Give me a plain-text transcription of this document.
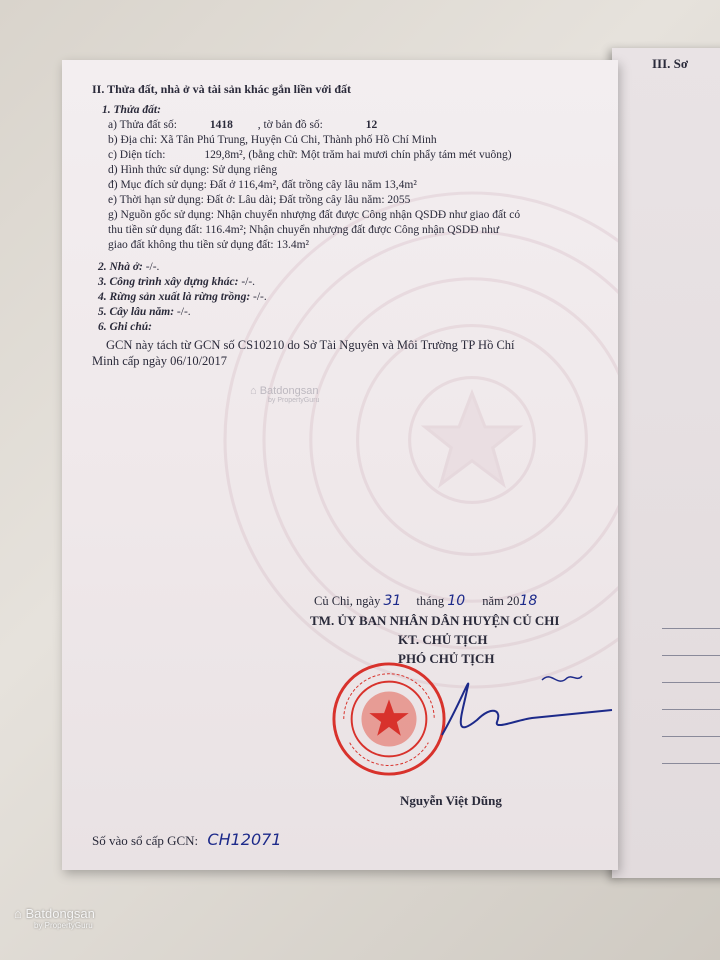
III. Sơ
II. Thửa đất, nhà ở và tài sản khác gắn liền với đất
1. Thửa đất:
a) Thửa đất số:	1418 , tờ bản đồ số:	12
b) Địa chỉ: Xã Tân Phú Trung, Huyện Củ Chi, Thành phố Hồ Chí Minh
c) Diện tích:	129,8m², (bằng chữ: Một trăm hai mươi chín phẩy tám mét vuông)
d) Hình thức sử dụng: Sử dụng riêng
đ) Mục đích sử dụng: Đất ở 116,4m², đất trồng cây lâu năm 13,4m²
e) Thời hạn sử dụng: Đất ở: Lâu dài; Đất trồng cây lâu năm: 2055
g) Nguồn gốc sử dụng: Nhận chuyển nhượng đất được Công nhận QSDĐ như giao đất có
thu tiền sử dụng đất: 116.4m²; Nhận chuyển nhượng đất được Công nhận QSDĐ như
giao đất không thu tiền sử dụng đất: 13.4m²
2. Nhà ở: -/-.
3. Công trình xây dựng khác: -/-.
4. Rừng sản xuất là rừng trồng: -/-.
5. Cây lâu năm: -/-.
6. Ghi chú:
GCN này tách từ GCN số CS10210 do Sở Tài Nguyên và Môi Trường TP Hồ Chí
Minh cấp ngày 06/10/2017
Củ Chi, ngày 31 tháng 10 năm 2018
TM. ỦY BAN NHÂN DÂN HUYỆN CỦ CHI
KT. CHỦ TỊCH
PHÓ CHỦ TỊCH
Nguyễn Việt Dũng
Số vào sổ cấp GCN: CH12071
⌂ Batdongsan
by PropertyGuru
⌂ Batdongsan
by PropertyGuru
